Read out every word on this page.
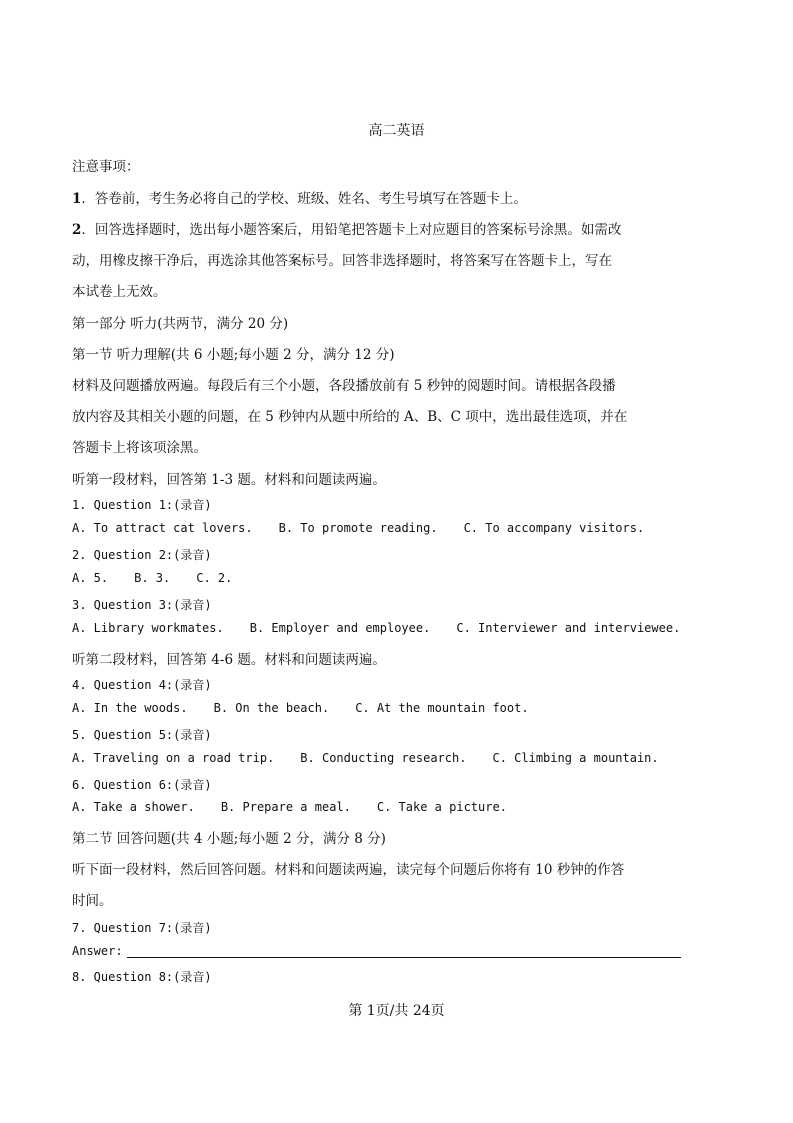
高二英语
注意事项：
1．答卷前，考生务必将自己的学校、班级、姓名、考生号填写在答题卡上。
2．回答选择题时，选出每小题答案后，用铅笔把答题卡上对应题目的答案标号涂黑。如需改
动，用橡皮擦干净后，再选涂其他答案标号。回答非选择题时，将答案写在答题卡上，写在
本试卷上无效。
第一部分 听力(共两节，满分 20 分)
第一节 听力理解(共 6 小题;每小题 2 分，满分 12 分)
材料及问题播放两遍。每段后有三个小题，各段播放前有 5 秒钟的阅题时间。请根据各段播
放内容及其相关小题的问题，在 5 秒钟内从题中所给的 A、B、C 项中，选出最佳选项，并在
答题卡上将该项涂黑。
听第一段材料，回答第 1-3 题。材料和问题读两遍。
1. Question 1:(录音)
A. To attract cat lovers. B. To promote reading. C. To accompany visitors.
2. Question 2:(录音)
A. 5. B. 3. C. 2.
3. Question 3:(录音)
A. Library workmates. B. Employer and employee. C. Interviewer and interviewee.
听第二段材料，回答第 4-6 题。材料和问题读两遍。
4. Question 4:(录音)
A. In the woods. B. On the beach. C. At the mountain foot.
5. Question 5:(录音)
A. Traveling on a road trip. B. Conducting research. C. Climbing a mountain.
6. Question 6:(录音)
A. Take a shower. B. Prepare a meal. C. Take a picture.
第二节 回答问题(共 4 小题;每小题 2 分，满分 8 分)
听下面一段材料，然后回答问题。材料和问题读两遍，读完每个问题后你将有 10 秒钟的作答
时间。
7. Question 7:(录音)
Answer:
8. Question 8:(录音)
第 1页/共 24页
